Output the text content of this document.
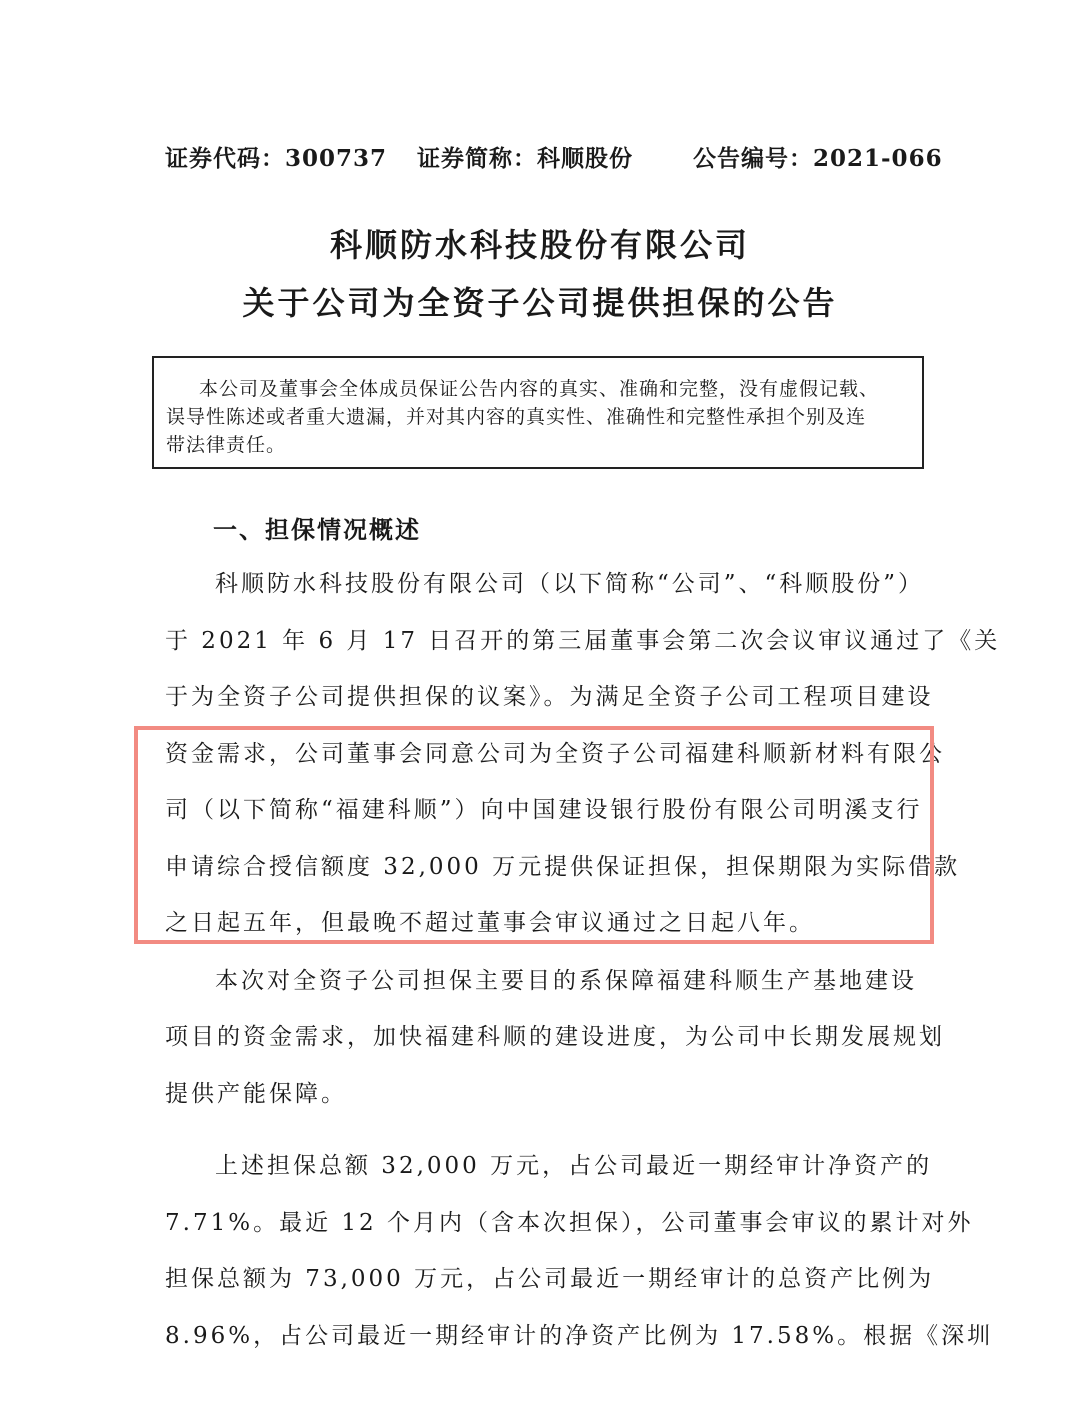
证券代码：300737 证券简称：科顺股份	公告编号：2021-066
科顺防水科技股份有限公司
关于公司为全资子公司提供担保的公告
本公司及董事会全体成员保证公告内容的真实、准确和完整，没有虚假记载、
误导性陈述或者重大遗漏，并对其内容的真实性、准确性和完整性承担个别及连
带法律责任。
一、担保情况概述
科顺防水科技股份有限公司（以下简称“公司”、“科顺股份”）
于 2021 年 6 月 17 日召开的第三届董事会第二次会议审议通过了《关
于为全资子公司提供担保的议案》。为满足全资子公司工程项目建设
资金需求，公司董事会同意公司为全资子公司福建科顺新材料有限公
司（以下简称“福建科顺”）向中国建设银行股份有限公司明溪支行
申请综合授信额度 32,000 万元提供保证担保，担保期限为实际借款
之日起五年，但最晚不超过董事会审议通过之日起八年。
本次对全资子公司担保主要目的系保障福建科顺生产基地建设
项目的资金需求，加快福建科顺的建设进度，为公司中长期发展规划
提供产能保障。
上述担保总额 32,000 万元，占公司最近一期经审计净资产的
7.71%。最近 12 个月内（含本次担保），公司董事会审议的累计对外
担保总额为 73,000 万元，占公司最近一期经审计的总资产比例为
8.96%，占公司最近一期经审计的净资产比例为 17.58%。根据《深圳
